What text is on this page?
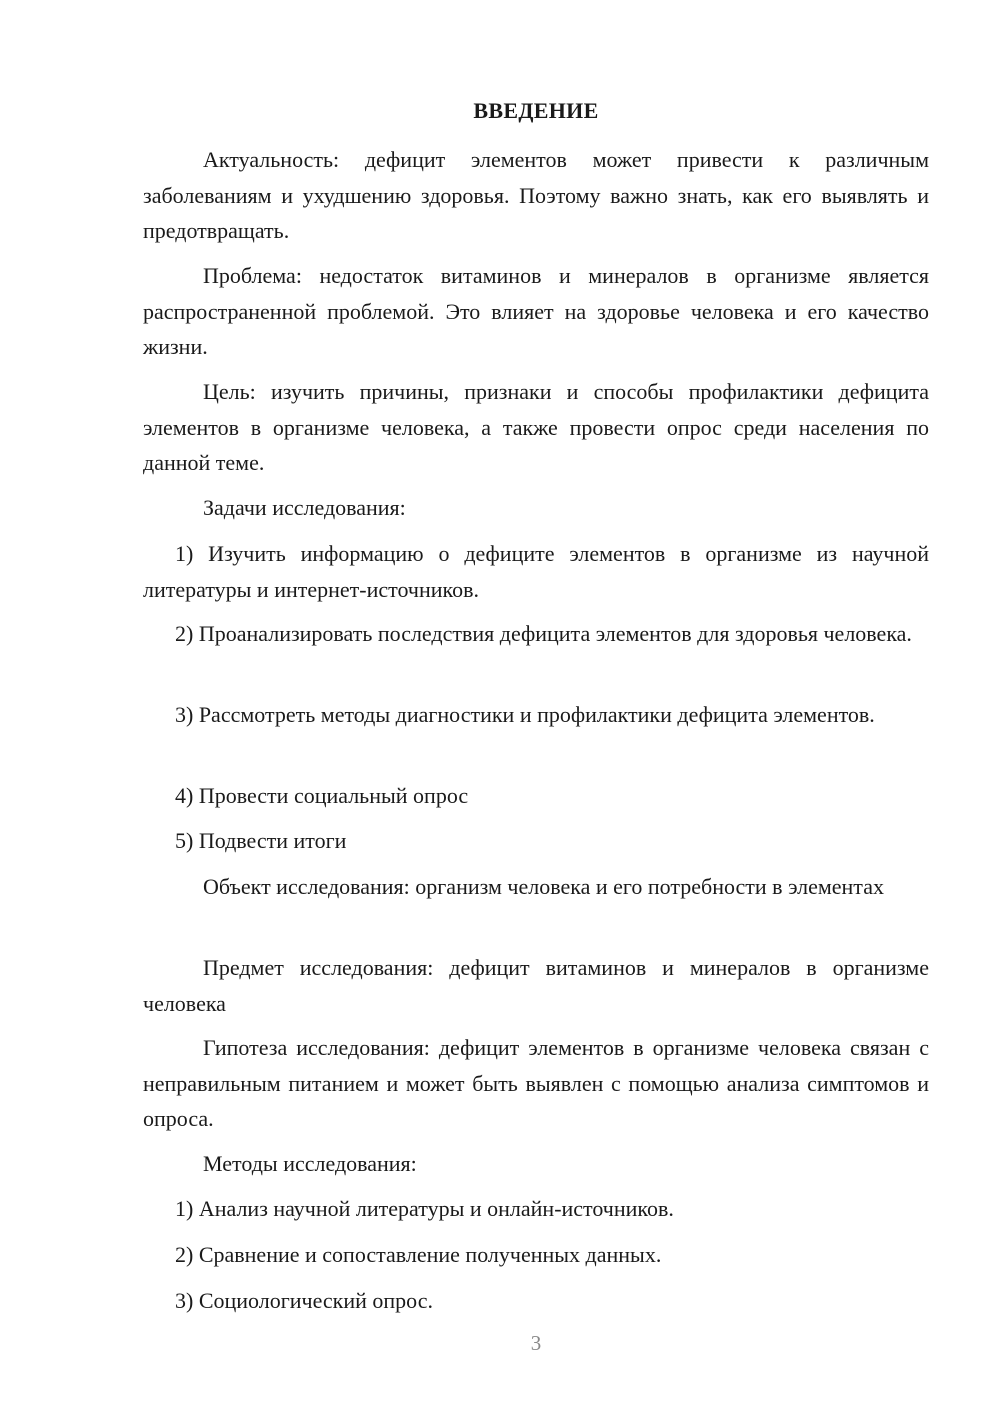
ВВЕДЕНИЕ

Актуальность: дефицит элементов может привести к различным заболеваниям и ухудшению здоровья. Поэтому важно знать, как его выявлять и предотвращать.

Проблема: недостаток витаминов и минералов в организме является распространенной проблемой. Это влияет на здоровье человека и его качество жизни.

Цель: изучить причины, признаки и способы профилактики дефицита элементов в организме человека, а также провести опрос среди населения по данной теме.

Задачи исследования:

1) Изучить информацию о дефиците элементов в организме из научной литературы и интернет-источников.

2) Проанализировать последствия дефицита элементов для здоровья человека.

3) Рассмотреть методы диагностики и профилактики дефицита элементов.

4) Провести социальный опрос

5) Подвести итоги

Объект исследования: организм человека и его потребности в элементах

Предмет исследования: дефицит витаминов и минералов в организме человека

Гипотеза исследования: дефицит элементов в организме человека связан с неправильным питанием и может быть выявлен с помощью анализа симптомов и опроса.

Методы исследования:

1) Анализ научной литературы и онлайн-источников.

2) Сравнение и сопоставление полученных данных.

3) Социологический опрос.

3
